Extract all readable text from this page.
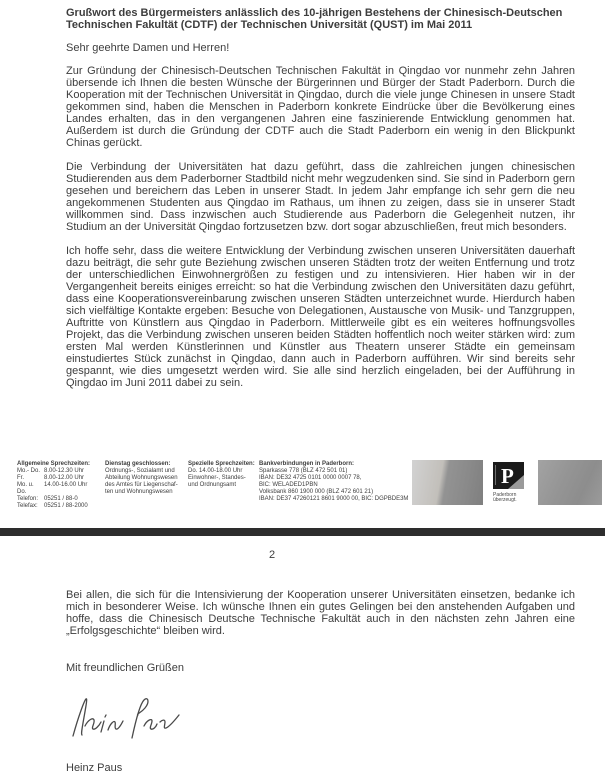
Grußwort des Bürgermeisters anlässlich des 10-jährigen Bestehens der Chinesisch-Deutschen Technischen Fakultät (CDTF) der Technischen Universität (QUST) im Mai 2011

Sehr geehrte Damen und Herren!

Zur Gründung der Chinesisch-Deutschen Technischen Fakultät in Qingdao vor nunmehr zehn Jahren übersende ich Ihnen die besten Wünsche der Bürgerinnen und Bürger der Stadt Paderborn. Durch die Kooperation mit der Technischen Universität in Qingdao, durch die viele junge Chinesen in unsere Stadt gekommen sind, haben die Menschen in Paderborn konkrete Eindrücke über die Bevölkerung eines Landes erhalten, das in den vergangenen Jahren eine faszinierende Entwicklung genommen hat. Außerdem ist durch die Gründung der CDTF auch die Stadt Paderborn ein wenig in den Blickpunkt Chinas gerückt.

Die Verbindung der Universitäten hat dazu geführt, dass die zahlreichen jungen chinesischen Studierenden aus dem Paderborner Stadtbild nicht mehr wegzudenken sind. Sie sind in Paderborn gern gesehen und bereichern das Leben in unserer Stadt. In jedem Jahr empfange ich sehr gern die neu angekommenen Studenten aus Qingdao im Rathaus, um ihnen zu zeigen, dass sie in unserer Stadt willkommen sind. Dass inzwischen auch Studierende aus Paderborn die Gelegenheit nutzen, ihr Studium an der Universität Qingdao fortzusetzen bzw. dort sogar abzuschließen, freut mich besonders.

Ich hoffe sehr, dass die weitere Entwicklung der Verbindung zwischen unseren Universitäten dauerhaft dazu beiträgt, die sehr gute Beziehung zwischen unseren Städten trotz der weiten Entfernung und trotz der unterschiedlichen Einwohnergrößen zu festigen und zu intensivieren. Hier haben wir in der Vergangenheit bereits einiges erreicht: so hat die Verbindung zwischen den Universitäten dazu geführt, dass eine Kooperationsvereinbarung zwischen unseren Städten unterzeichnet wurde. Hierdurch haben sich vielfältige Kontakte ergeben: Besuche von Delegationen, Austausche von Musik- und Tanzgruppen, Auftritte von Künstlern aus Qingdao in Paderborn. Mittlerweile gibt es ein weiteres hoffnungsvolles Projekt, das die Verbindung zwischen unseren beiden Städten hoffentlich noch weiter stärken wird: zum ersten Mal werden Künstlerinnen und Künstler aus Theatern unserer Städte ein gemeinsam einstudiertes Stück zunächst in Qingdao, dann auch in Paderborn aufführen. Wir sind bereits sehr gespannt, wie dies umgesetzt werden wird. Sie alle sind herzlich eingeladen, bei der Aufführung in Qingdao im Juni 2011 dabei zu sein.

Allgemeine Sprechzeiten:
Mo.- Do. 8.00-12.30 Uhr
Fr.	8.00-12.00 Uhr
Mo. u. Do.
14.00-16.00 Uhr
Telefon: 05251 / 88-0
Telefax:	05251 / 88-2000
Dienstag geschlossen:
Ordnungs-, Sozialamt und
Abteilung Wohnungswesen
des Amtes für Liegenschaf-
ten und Wohnungswesen
Spezielle Sprechzeiten:
Do. 14.00-18.00 Uhr
Einwohner-, Standes-
und Ordnungsamt
Bankverbindungen in Paderborn:
Sparkasse 778 (BLZ 472 501 01)
IBAN: DE32 4725 0101 0000 0007 78,
BIC: WELADED1PBN
Volksbank 860 1900 000 (BLZ 472 601 21)
IBAN: DE37 47260121 8601 9000 00, BIC: DGPBDE3M
P
Paderborn überzeugt.

2

Bei allen, die sich für die Intensivierung der Kooperation unserer Universitäten einsetzen, bedanke ich mich in besonderer Weise. Ich wünsche Ihnen ein gutes Gelingen bei den anstehenden Aufgaben und hoffe, dass die Chinesisch Deutsche Technische Fakultät auch in den nächsten zehn Jahren eine „Erfolgsgeschichte“ bleiben wird.

Mit freundlichen Grüßen

Heinz Paus
